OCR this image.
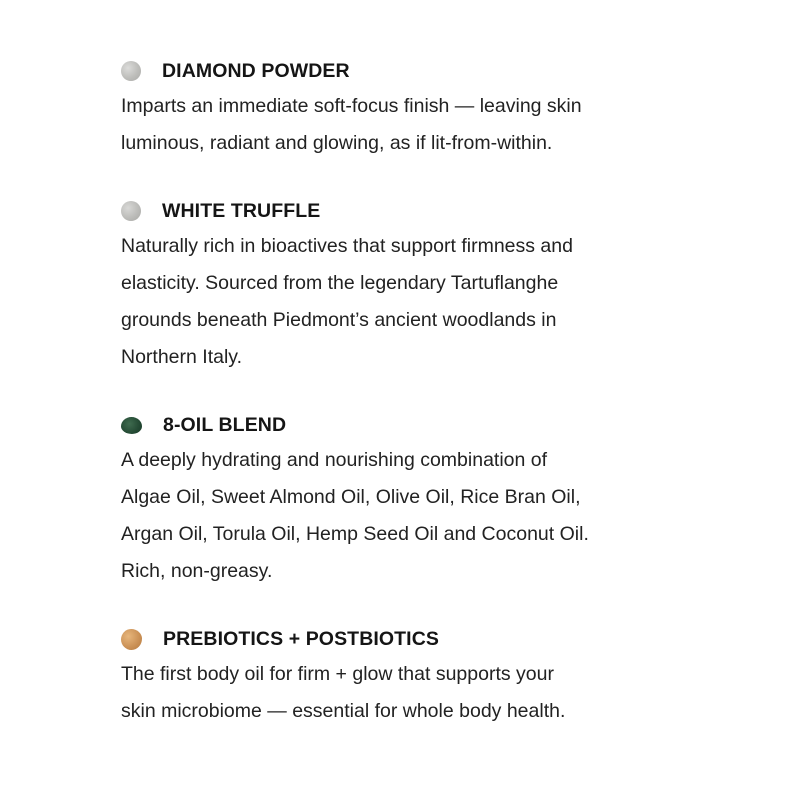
DIAMOND POWDER

Imparts an immediate soft-focus finish — leaving skin
luminous, radiant and glowing, as if lit-from-within.

WHITE TRUFFLE

Naturally rich in bioactives that support firmness and
elasticity. Sourced from the legendary Tartuflanghe
grounds beneath Piedmont’s ancient woodlands in
Northern Italy.

8-OIL BLEND

A deeply hydrating and nourishing combination of
Algae Oil, Sweet Almond Oil, Olive Oil, Rice Bran Oil,
Argan Oil, Torula Oil, Hemp Seed Oil and Coconut Oil.
Rich, non-greasy.

PREBIOTICS + POSTBIOTICS

The first body oil for firm + glow that supports your
skin microbiome — essential for whole body health.
